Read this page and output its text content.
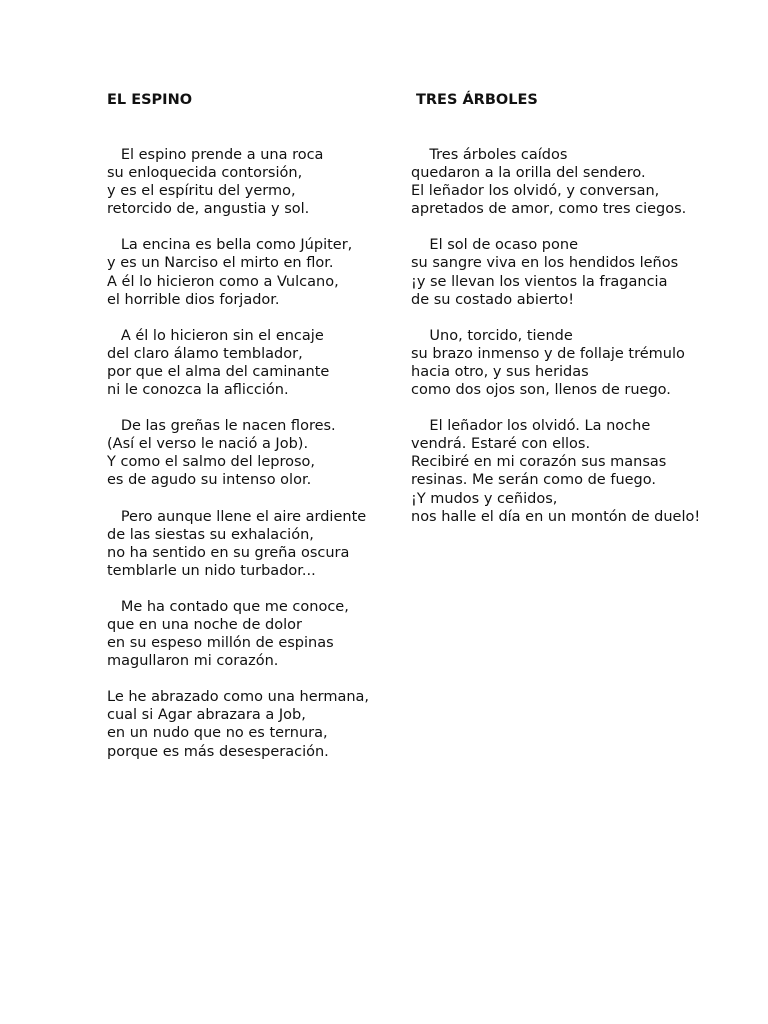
EL ESPINO
El espino prende a una roca
su enloquecida contorsión,
y es el espíritu del yermo,
retorcido de, angustia y sol.
La encina es bella como Júpiter,
y es un Narciso el mirto en flor.
A él lo hicieron como a Vulcano,
el horrible dios forjador.
A él lo hicieron sin el encaje
del claro álamo temblador,
por que el alma del caminante
ni le conozca la aflicción.
De las greñas le nacen flores.
(Así el verso le nació a Job).
Y como el salmo del leproso,
es de agudo su intenso olor.
Pero aunque llene el aire ardiente
de las siestas su exhalación,
no ha sentido en su greña oscura
temblarle un nido turbador...
Me ha contado que me conoce,
que en una noche de dolor
en su espeso millón de espinas
magullaron mi corazón.
Le he abrazado como una hermana,
cual si Agar abrazara a Job,
en un nudo que no es ternura,
porque es más desesperación.
TRES ÁRBOLES
Tres árboles caídos
quedaron a la orilla del sendero.
El leñador los olvidó, y conversan,
apretados de amor, como tres ciegos.
El sol de ocaso pone
su sangre viva en los hendidos leños
¡y se llevan los vientos la fragancia
de su costado abierto!
Uno, torcido, tiende
su brazo inmenso y de follaje trémulo
hacia otro, y sus heridas
como dos ojos son, llenos de ruego.
El leñador los olvidó. La noche
vendrá. Estaré con ellos.
Recibiré en mi corazón sus mansas
resinas. Me serán como de fuego.
¡Y mudos y ceñidos,
nos halle el día en un montón de duelo!
